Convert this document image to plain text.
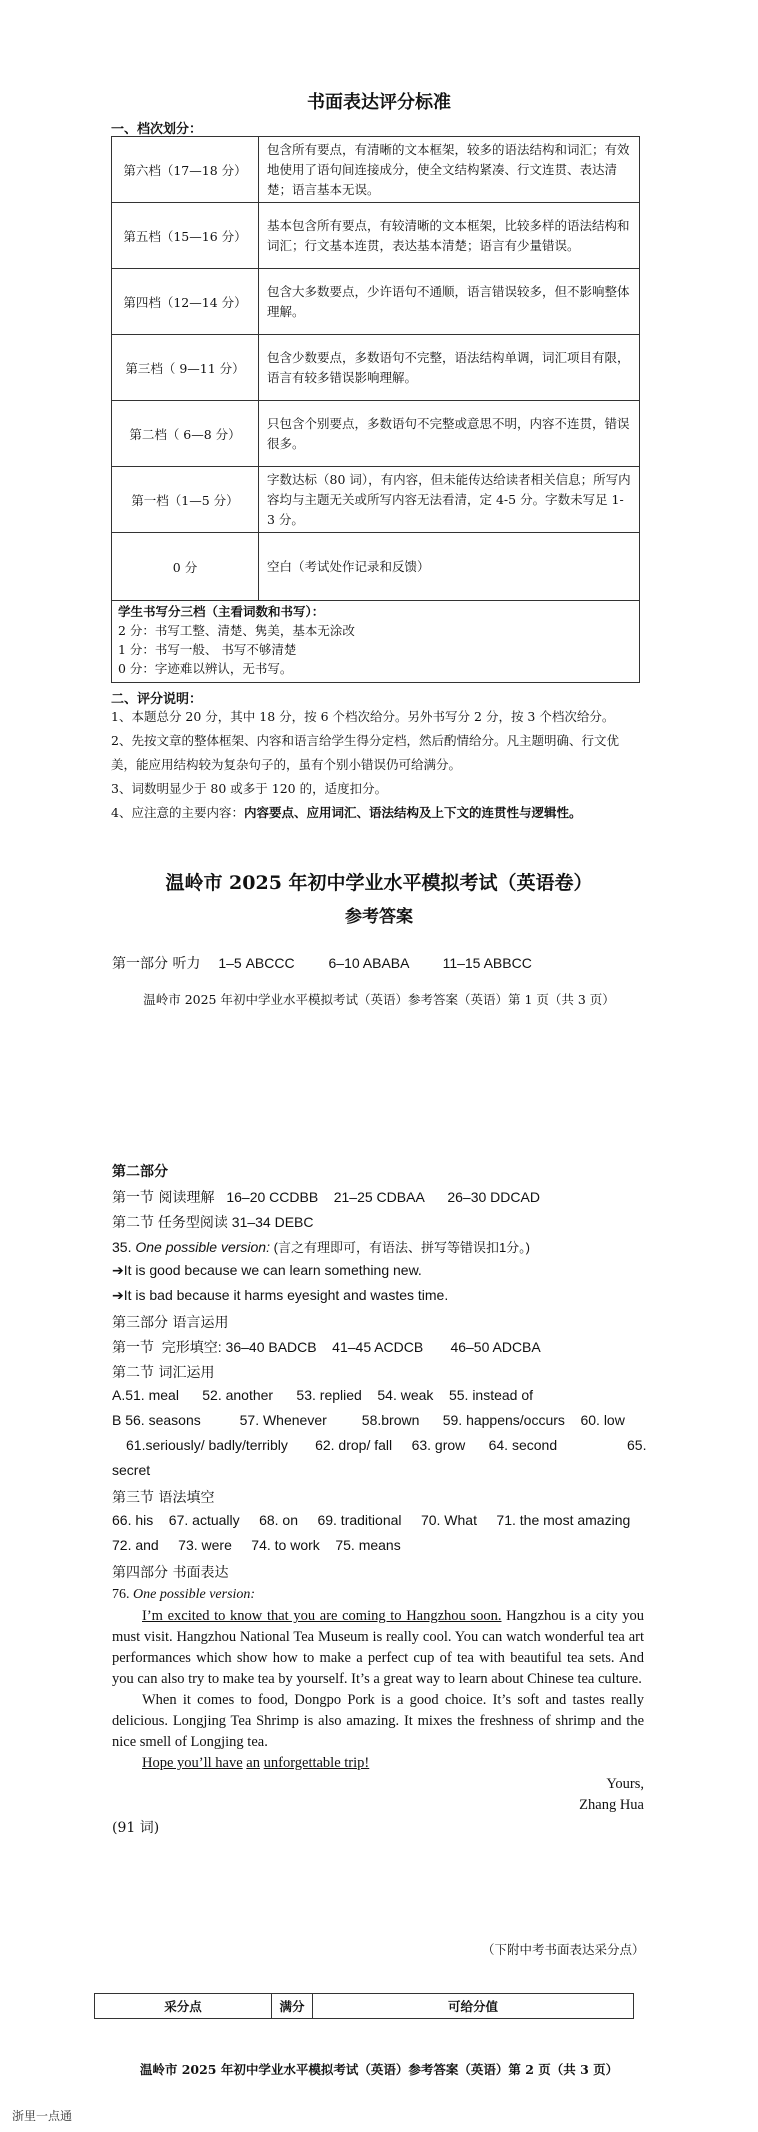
书面表达评分标准
一、档次划分：
第六档（17—18 分）	包含所有要点，有清晰的文本框架，较多的语法结构和词汇；有效地使用了语句间连接成分，使全文结构紧凑、行文连贯、表达清楚；语言基本无误。
第五档（15—16 分）	基本包含所有要点，有较清晰的文本框架，比较多样的语法结构和词汇；行文基本连贯，表达基本清楚；语言有少量错误。
第四档（12—14 分）	包含大多数要点，少许语句不通顺，语言错误较多，但不影响整体理解。
第三档（ 9—11 分）	包含少数要点，多数语句不完整，语法结构单调，词汇项目有限，语言有较多错误影响理解。
第二档（ 6—8 分）	只包含个别要点，多数语句不完整或意思不明，内容不连贯，错误很多。
第一档（1—5 分）	字数达标（80 词），有内容，但未能传达给读者相关信息；所写内容均与主题无关或所写内容无法看清，定 4-5 分。字数未写足 1-3 分。
0 分	空白（考试处作记录和反馈）
学生书写分三档（主看词数和书写）：
2 分：书写工整、清楚、隽美，基本无涂改
1 分：书写一般、 书写不够清楚
0 分：字迹难以辨认，无书写。
二、评分说明：
1、本题总分 20 分，其中 18 分，按 6 个档次给分。另外书写分 2 分，按 3 个档次给分。
2、先按文章的整体框架、内容和语言给学生得分定档，然后酌情给分。凡主题明确、行文优
美，能应用结构较为复杂句子的，虽有个别小错误仍可给满分。
3、词数明显少于 80 或多于 120 的，适度扣分。
4、应注意的主要内容：内容要点、应用词汇、语法结构及上下文的连贯性与逻辑性。
温岭市 2025 年初中学业水平模拟考试（英语卷）
参考答案
第一部分 听力 1–5 ABCCC 6–10 ABABA 11–15 ABBCC
温岭市 2025 年初中学业水平模拟考试（英语）参考答案（英语）第 1 页（共 3 页）
第二部分
第一节 阅读理解 16–20 CCDBB    21–25 CDBAA      26–30 DDCAD
第二节 任务型阅读 31–34 DEBC
35. One possible version: (言之有理即可，有语法、拼写等错误扣1分。)
➔It is good because we can learn something new.
➔It is bad because it harms eyesight and wastes time.
第三部分 语言运用
第一节  完形填空: 36–40 BADCB    41–45 ACDCB       46–50 ADCBA
第二节 词汇运用
A.51. meal      52. another      53. replied    54. weak    55. instead of
B 56. seasons          57. Whenever         58.brown      59. happens/occurs    60. low
61.seriously/ badly/terribly       62. drop/ fall     63. grow      64. second	65.
secret
第三节 语法填空
66. his    67. actually     68. on     69. traditional     70. What     71. the most amazing
72. and     73. were     74. to work    75. means
第四部分 书面表达
76. One possible version:
I’m excited to know that you are coming to Hangzhou soon. Hangzhou is a city you must visit. Hangzhou National Tea Museum is really cool. You can watch wonderful tea art performances which show how to make a perfect cup of tea with beautiful tea sets. And you can also try to make tea by yourself. It’s a great way to learn about Chinese tea culture.
When it comes to food, Dongpo Pork is a good choice. It’s soft and tastes really delicious. Longjing Tea Shrimp is also amazing. It mixes the freshness of shrimp and the nice smell of Longjing tea.
Hope you’ll have an unforgettable trip!
Yours,
Zhang Hua
(91 词)
（下附中考书面表达采分点）
采分点	满分	可给分值
温岭市 2025 年初中学业水平模拟考试（英语）参考答案（英语）第 2 页（共 3 页）
浙里一点通
